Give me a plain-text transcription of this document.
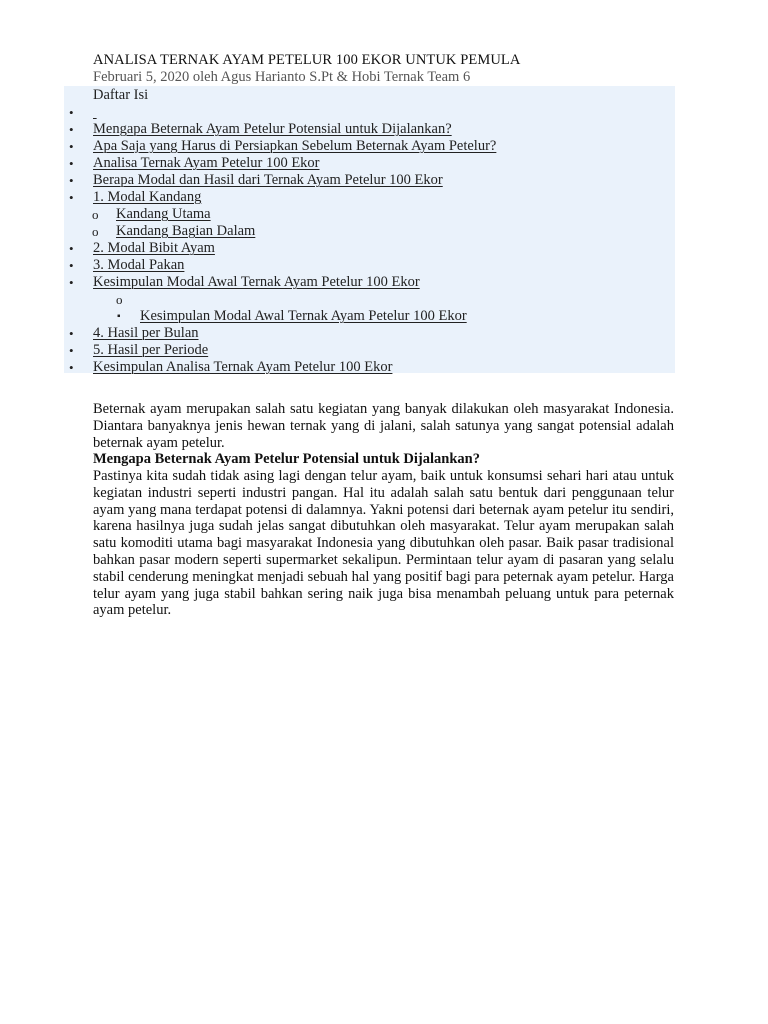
ANALISA TERNAK AYAM PETELUR 100 EKOR UNTUK PEMULA
Februari 5, 2020 oleh Agus Harianto S.Pt & Hobi Ternak Team 6
Daftar Isi
•

• Mengapa Beternak Ayam Petelur Potensial untuk Dijalankan?
• Apa Saja yang Harus di Persiapkan Sebelum Beternak Ayam Petelur?
• Analisa Ternak Ayam Petelur 100 Ekor
• Berapa Modal dan Hasil dari Ternak Ayam Petelur 100 Ekor
• 1. Modal Kandang
o Kandang Utama
o Kandang Bagian Dalam
• 2. Modal Bibit Ayam
• 3. Modal Pakan
• Kesimpulan Modal Awal Ternak Ayam Petelur 100 Ekor
o
▪ Kesimpulan Modal Awal Ternak Ayam Petelur 100 Ekor
• 4. Hasil per Bulan
• 5. Hasil per Periode
• Kesimpulan Analisa Ternak Ayam Petelur 100 Ekor
Beternak ayam merupakan salah satu kegiatan yang banyak dilakukan oleh masyarakat Indonesia. Diantara banyaknya jenis hewan ternak yang di jalani, salah satunya yang sangat potensial adalah beternak ayam petelur.
Mengapa Beternak Ayam Petelur Potensial untuk Dijalankan?
Pastinya kita sudah tidak asing lagi dengan telur ayam, baik untuk konsumsi sehari hari atau untuk kegiatan industri seperti industri pangan. Hal itu adalah salah satu bentuk dari penggunaan telur ayam yang mana terdapat potensi di dalamnya. Yakni potensi dari beternak ayam petelur itu sendiri, karena hasilnya juga sudah jelas sangat dibutuhkan oleh masyarakat. Telur ayam merupakan salah satu komoditi utama bagi masyarakat Indonesia yang dibutuhkan oleh pasar. Baik pasar tradisional bahkan pasar modern seperti supermarket sekalipun. Permintaan telur ayam di pasaran yang selalu stabil cenderung meningkat menjadi sebuah hal yang positif bagi para peternak ayam petelur. Harga telur ayam yang juga stabil bahkan sering naik juga bisa menambah peluang untuk para peternak ayam petelur.
